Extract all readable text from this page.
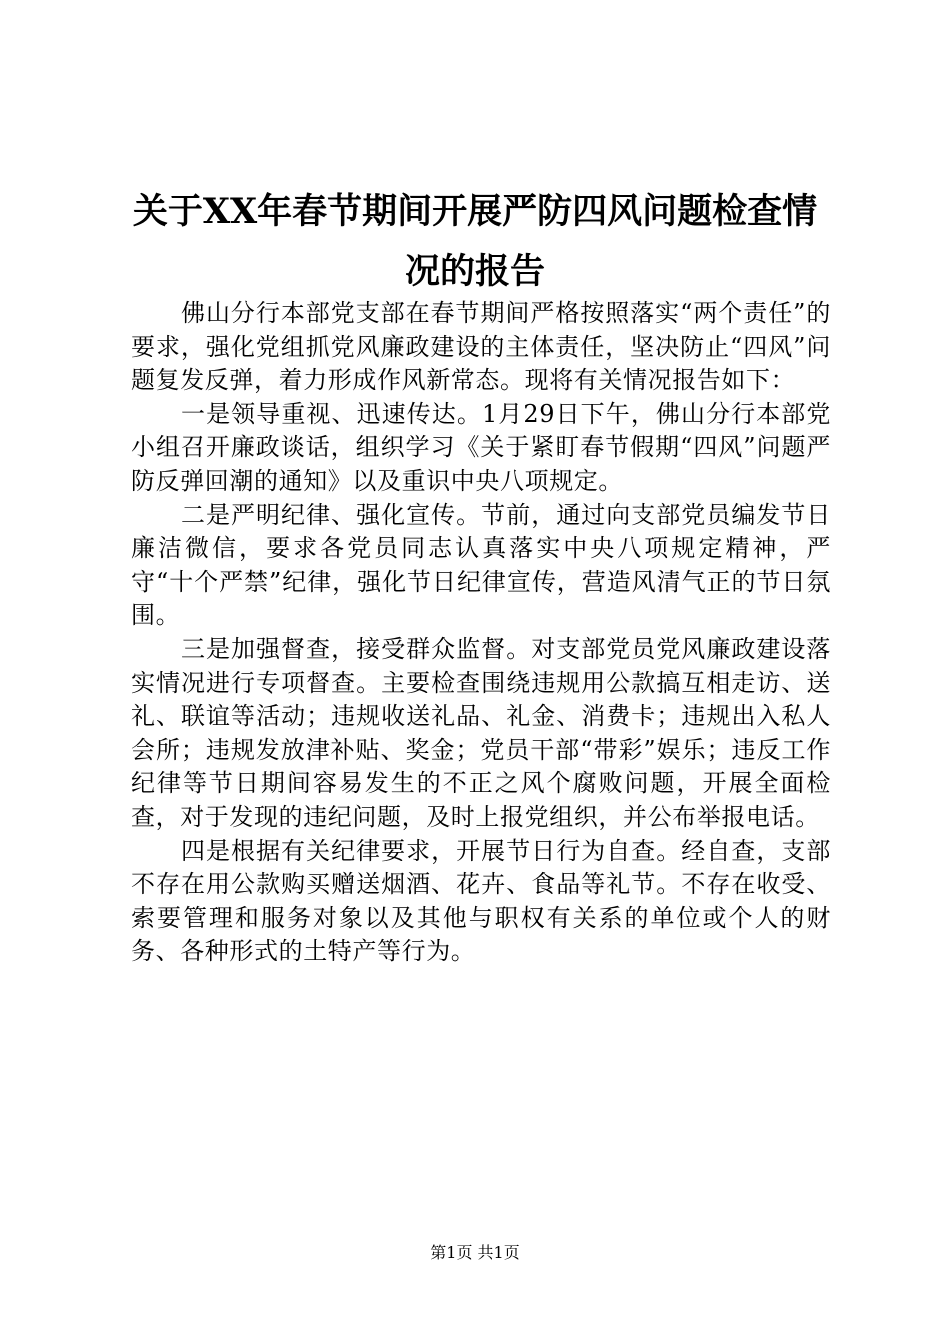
关于XX年春节期间开展严防四风问题检查情况的报告

佛山分行本部党支部在春节期间严格按照落实“两个责任”的要求，强化党组抓党风廉政建设的主体责任，坚决防止“四风”问题复发反弹，着力形成作风新常态。现将有关情况报告如下：

一是领导重视、迅速传达。1月29日下午，佛山分行本部党小组召开廉政谈话，组织学习《关于紧盯春节假期“四风”问题严防反弹回潮的通知》以及重识中央八项规定。

二是严明纪律、强化宣传。节前，通过向支部党员编发节日廉洁微信，要求各党员同志认真落实中央八项规定精神，严守“十个严禁”纪律，强化节日纪律宣传，营造风清气正的节日氛围。

三是加强督查，接受群众监督。对支部党员党风廉政建设落实情况进行专项督查。主要检查围绕违规用公款搞互相走访、送礼、联谊等活动；违规收送礼品、礼金、消费卡；违规出入私人会所；违规发放津补贴、奖金；党员干部“带彩”娱乐；违反工作纪律等节日期间容易发生的不正之风个腐败问题，开展全面检查，对于发现的违纪问题，及时上报党组织，并公布举报电话。

四是根据有关纪律要求，开展节日行为自查。经自查，支部不存在用公款购买赠送烟酒、花卉、食品等礼节。不存在收受、索要管理和服务对象以及其他与职权有关系的单位或个人的财务、各种形式的土特产等行为。

第1页 共1页
